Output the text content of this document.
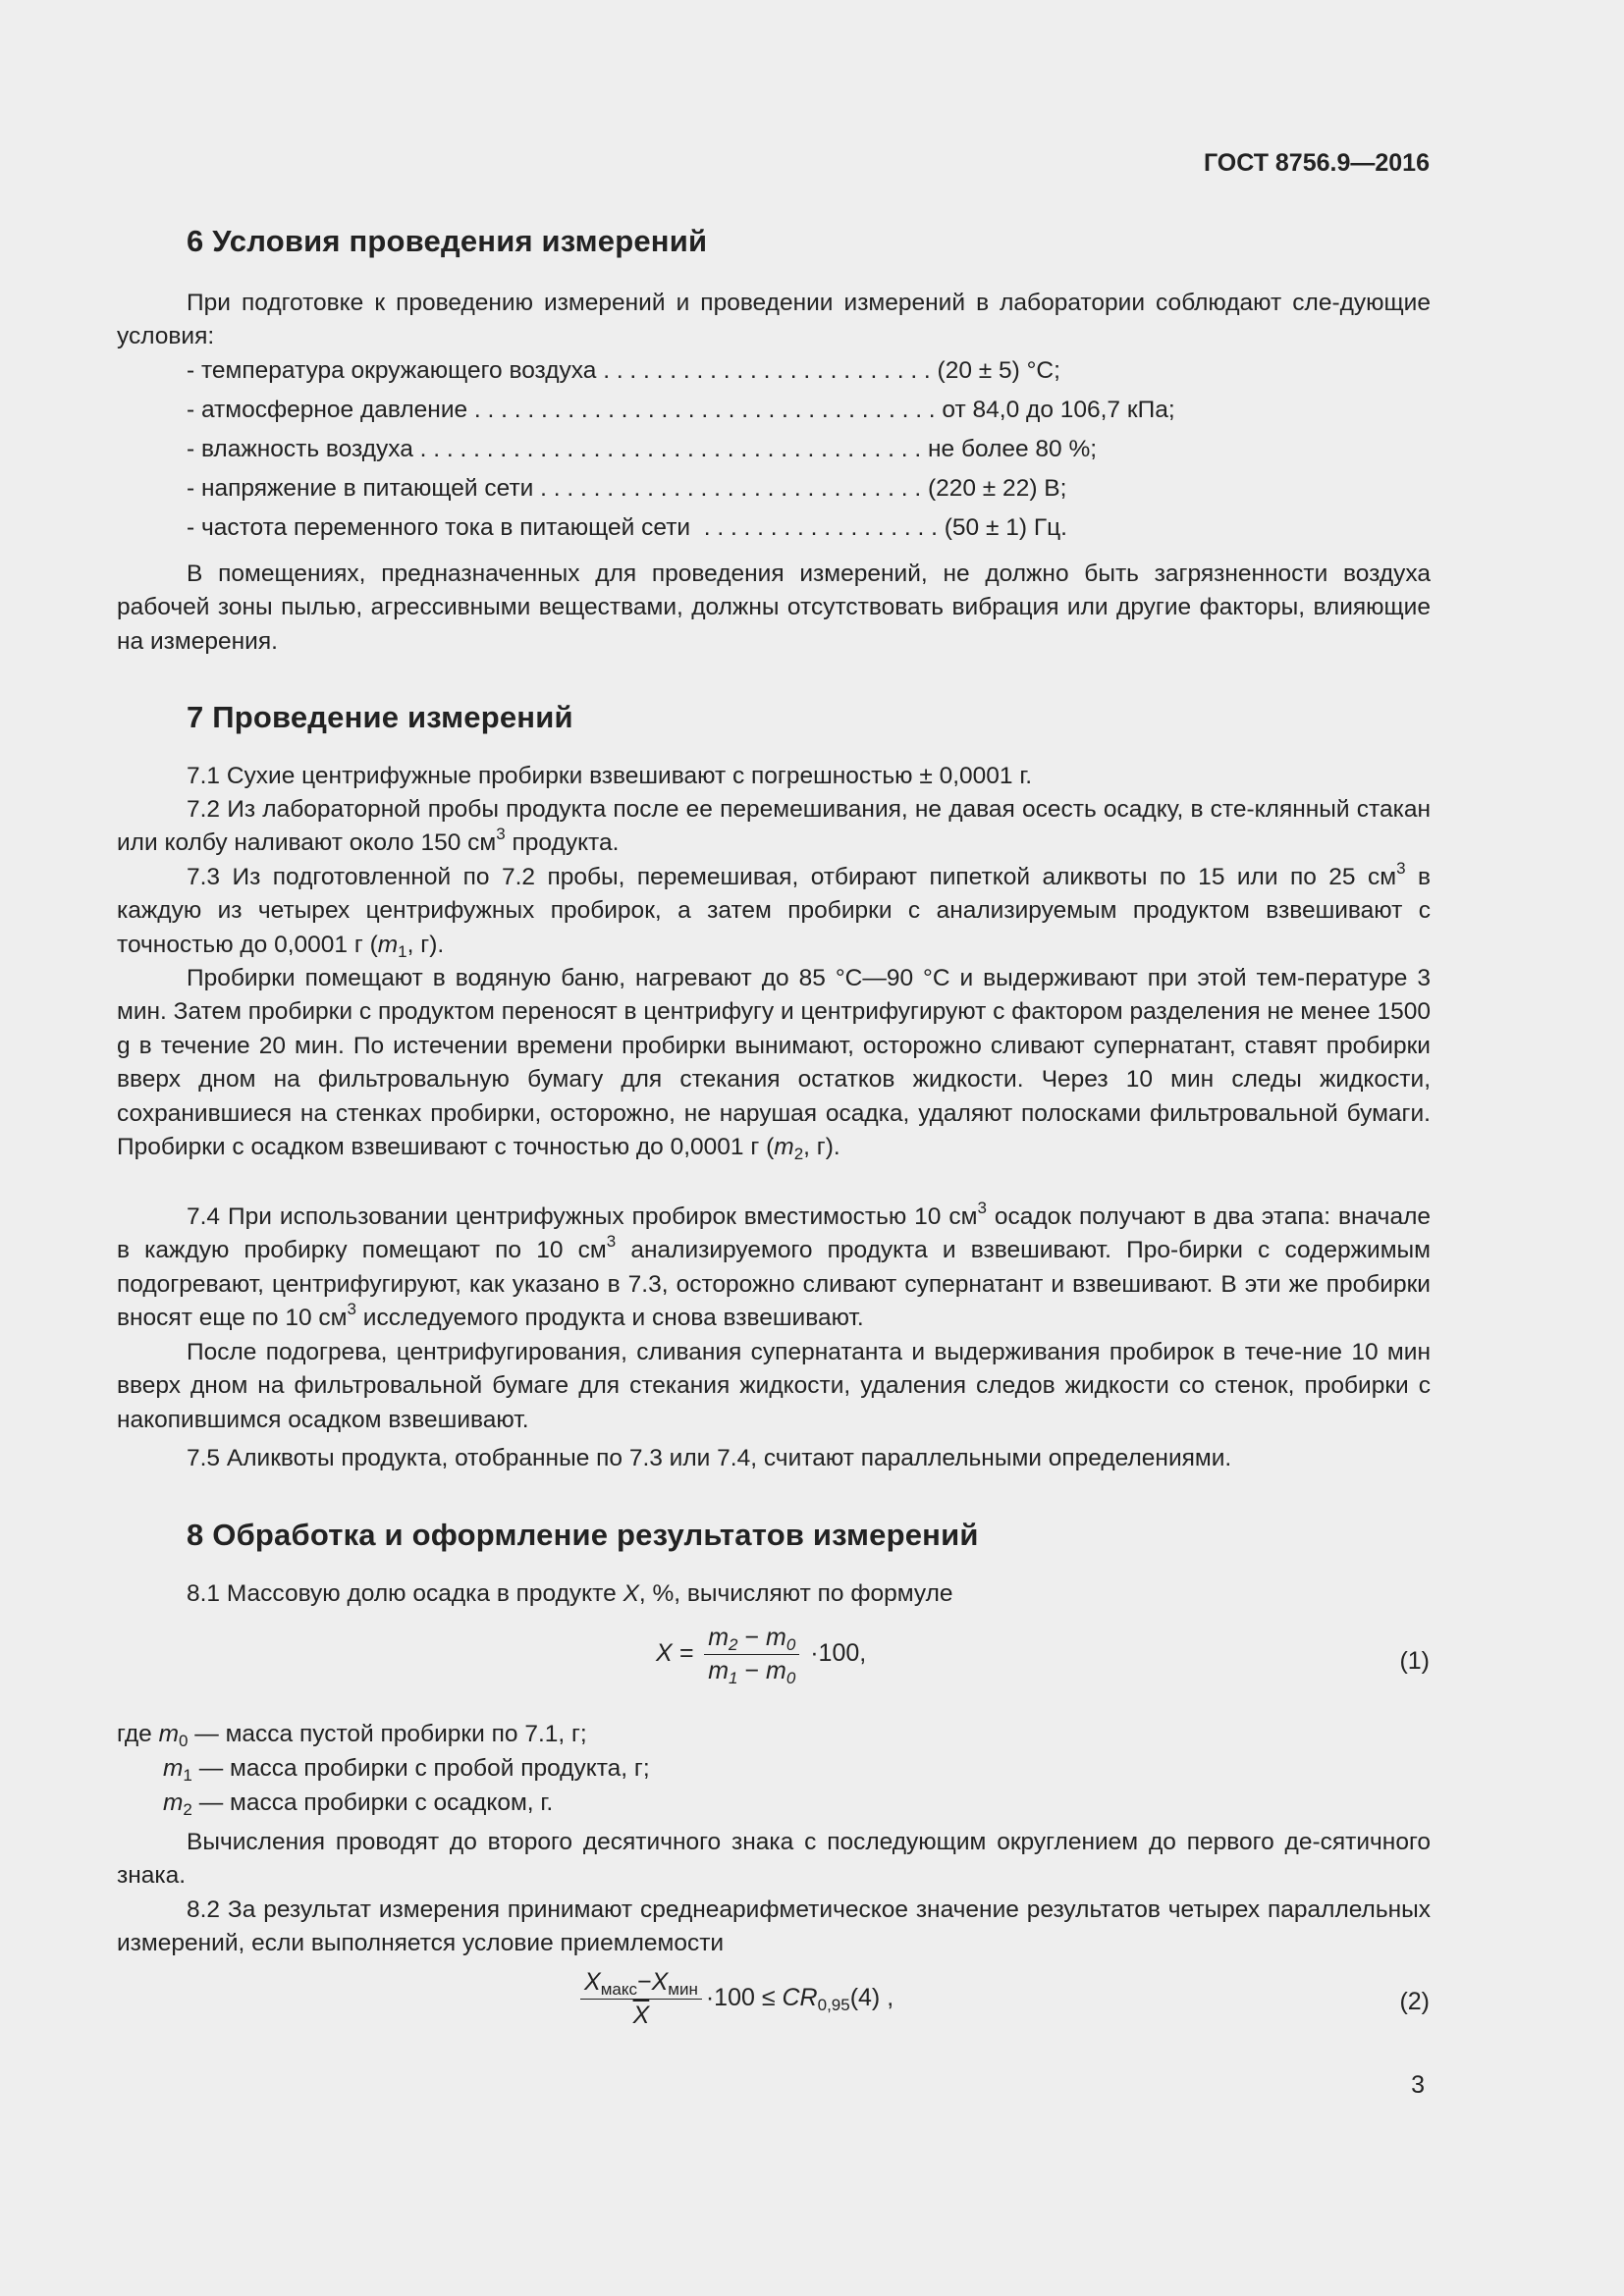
ГОСТ 8756.9—2016
6 Условия проведения измерений
При подготовке к проведению измерений и проведении измерений в лаборатории соблюдают сле-дующие условия:
- температура окружающего воздуха . . . . . . . . . . . . . . . . . . . . . . . . . (20 ± 5) °С;
- атмосферное давление . . . . . . . . . . . . . . . . . . . . . . . . . . . . . . . . . . . от 84,0 до 106,7 кПа;
- влажность воздуха . . . . . . . . . . . . . . . . . . . . . . . . . . . . . . . . . . . . . . не более 80 %;
- напряжение в питающей сети . . . . . . . . . . . . . . . . . . . . . . . . . . . . . (220 ± 22) В;
- частота переменного тока в питающей сети  . . . . . . . . . . . . . . . . . . (50 ± 1) Гц.
В помещениях, предназначенных для проведения измерений, не должно быть загрязненности воздуха рабочей зоны пылью, агрессивными веществами, должны отсутствовать вибрация или другие факторы, влияющие на измерения.
7 Проведение измерений
7.1 Сухие центрифужные пробирки взвешивают с погрешностью ± 0,0001 г.
7.2 Из лабораторной пробы продукта после ее перемешивания, не давая осесть осадку, в сте-клянный стакан или колбу наливают около 150 $см^3$ продукта.
7.3 Из подготовленной по 7.2 пробы, перемешивая, отбирают пипеткой аликвоты по 15 или по 25 $см^3$ в каждую из четырех центрифужных пробирок, а затем пробирки с анализируемым продуктом взвешивают с точностью до 0,0001 г ($m_1$, г).
Пробирки помещают в водяную баню, нагревают до 85 °С—90 °С и выдерживают при этой тем-пературе 3 мин. Затем пробирки с продуктом переносят в центрифугу и центрифугируют с фактором разделения не менее 1500 g в течение 20 мин. По истечении времени пробирки вынимают, осторожно сливают супернатант, ставят пробирки вверх дном на фильтровальную бумагу для стекания остатков жидкости. Через 10 мин следы жидкости, сохранившиеся на стенках пробирки, осторожно, не нарушая осадка, удаляют полосками фильтровальной бумаги. Пробирки с осадком взвешивают с точностью до 0,0001 г ($m_2$, г).
7.4 При использовании центрифужных пробирок вместимостью 10 $см^3$ осадок получают в два этапа: вначале в каждую пробирку помещают по 10 $см^3$ анализируемого продукта и взвешивают. Про-бирки с содержимым подогревают, центрифугируют, как указано в 7.3, осторожно сливают супернатант и взвешивают. В эти же пробирки вносят еще по 10 $см^3$ исследуемого продукта и снова взвешивают.
После подогрева, центрифугирования, сливания супернатанта и выдерживания пробирок в тече-ние 10 мин вверх дном на фильтровальной бумаге для стекания жидкости, удаления следов жидкости со стенок, пробирки с накопившимся осадком взвешивают.
7.5 Аликвоты продукта, отобранные по 7.3 или 7.4, считают параллельными определениями.
8 Обработка и оформление результатов измерений
8.1 Массовую долю осадка в продукте X, %, вычисляют по формуле
$X = \frac{m_2 - m_0}{m_1 - m_0} \cdot 100$,	(1)
где $m_0$ — масса пустой пробирки по 7.1, г;
$m_1$ — масса пробирки с пробой продукта, г;
$m_2$ — масса пробирки с осадком, г.
Вычисления проводят до второго десятичного знака с последующим округлением до первого де-сятичного знака.
8.2 За результат измерения принимают среднеарифметическое значение результатов четырех параллельных измерений, если выполняется условие приемлемости
$\frac{X_{макс}-X_{мин}}{X} \cdot 100 \le CR_{0,95}(4)$ ,	(2)
3
